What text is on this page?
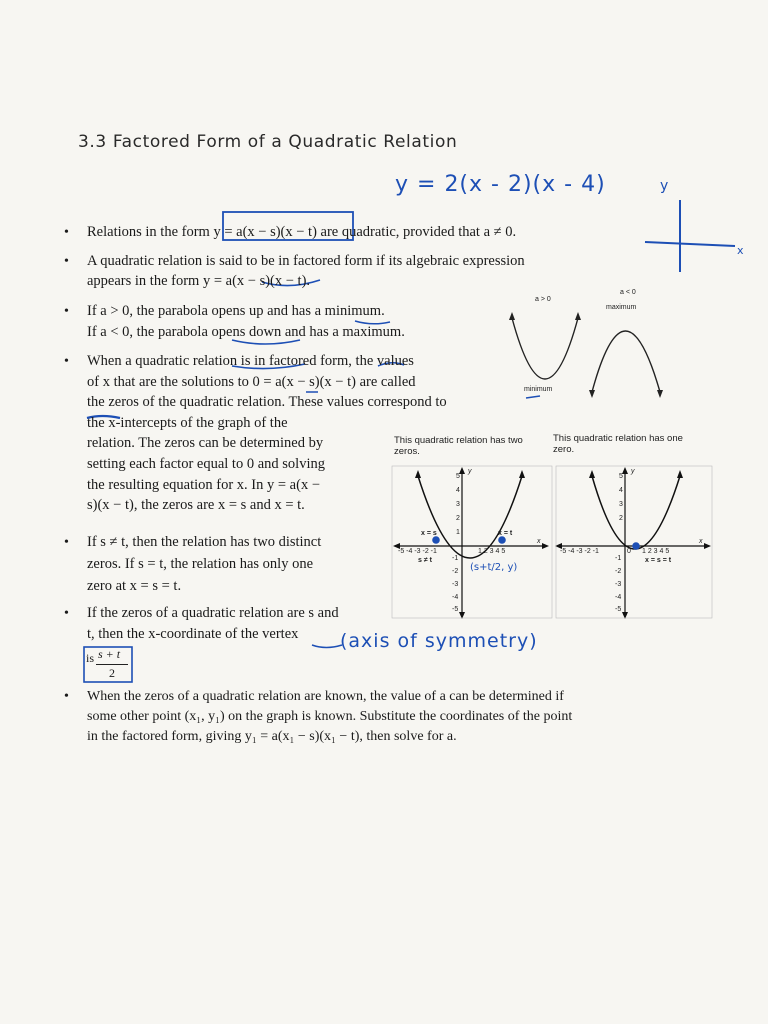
3.3 Factored Form of a Quadratic Relation
y = 2(x - 2)(x - 4)	y
x
• Relations in the form y = a(x − s)(x − t) are quadratic, provided that a ≠ 0.
• A quadratic relation is said to be in factored form if its algebraic expression
appears in the form y = a(x − s)(x − t).
• If a > 0, the parabola opens up and has a minimum.
If a < 0, the parabola opens down and has a maximum.
• When a quadratic relation is in factored form, the values
of x that are the solutions to 0 = a(x − s)(x − t) are called
the zeros of the quadratic relation. These values correspond to
the x-intercepts of the graph of the
relation. The zeros can be determined by
setting each factor equal to 0 and solving
the resulting equation for x. In y = a(x −
s)(x − t), the zeros are x = s and x = t.
• If s ≠ t, then the relation has two distinct
zeros. If s = t, the relation has only one
zero at x = s = t.
• If the zeros of a quadratic relation are s and
t, then the x-coordinate of the vertex
is
• When the zeros of a quadratic relation are known, the value of a can be determined if
some other point (x₁, y₁) on the graph is known. Substitute the coordinates of the point
in the factored form, giving y₁ = a(x₁ − s)(x₁ − t), then solve for a.
s + t
2
(axis of symmetry)
a > 0
a < 0
maximum
minimum
This quadratic relation has two zeros.
This quadratic relation has one zero.
y
x = s	x = t
-5 -4 -3 -2 -1	1 2 3 4 5
x
s ≠ t
(s+t/2, y)
5
4
3
2
1
-1
-2
-3
-4
-5
y
-5 -4 -3 -2 -1	0 1 2 3 4 5
x
x = s = t
5
4
3
2
-1
-2
-3
-4
-5
